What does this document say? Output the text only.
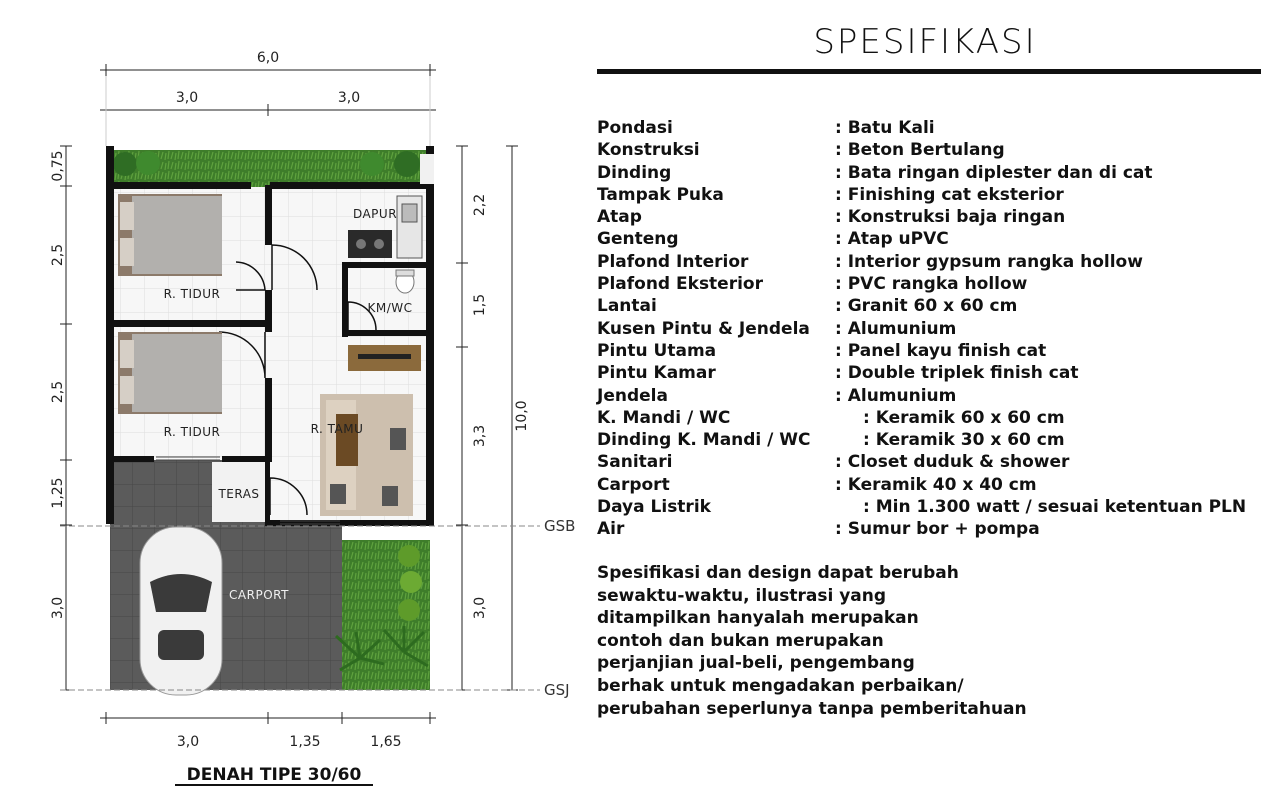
DAPUR
KM/WC
R. TIDUR
R. TIDUR	R. TAMU
TERAS
CARPORT
6,0
3,0	3,0
3,0	1,35	1,65
0,75
2,5
2,5
1,25
3,0
2,2
1,5
3,3
3,0
10,0
GSB
GSJ
DENAH TIPE 30/60
SPESIFIKASI
Pondasi	: Batu Kali
Konstruksi	: Beton Bertulang
Dinding	: Bata ringan diplester dan di cat
Tampak Puka	: Finishing cat eksterior
Atap	: Konstruksi baja ringan
Genteng	: Atap uPVC
Plafond Interior	: Interior gypsum rangka hollow
Plafond Eksterior	: PVC rangka hollow
Lantai	: Granit 60 x 60 cm
Kusen Pintu & Jendela : Alumunium
Pintu Utama	: Panel kayu finish cat
Pintu Kamar	: Double triplek finish cat
Jendela	: Alumunium
K. Mandi / WC	: Keramik 60 x 60 cm
Dinding K. Mandi / WC	: Keramik 30 x 60 cm
Sanitari	: Closet duduk & shower
Carport	: Keramik 40 x 40 cm
Daya Listrik	: Min 1.300 watt / sesuai ketentuan PLN
Air	: Sumur bor + pompa
Spesifikasi dan design dapat berubah
sewaktu-waktu, ilustrasi yang
ditampilkan hanyalah merupakan
contoh dan bukan merupakan
perjanjian jual-beli, pengembang
berhak untuk mengadakan perbaikan/
perubahan seperlunya tanpa pemberitahuan
